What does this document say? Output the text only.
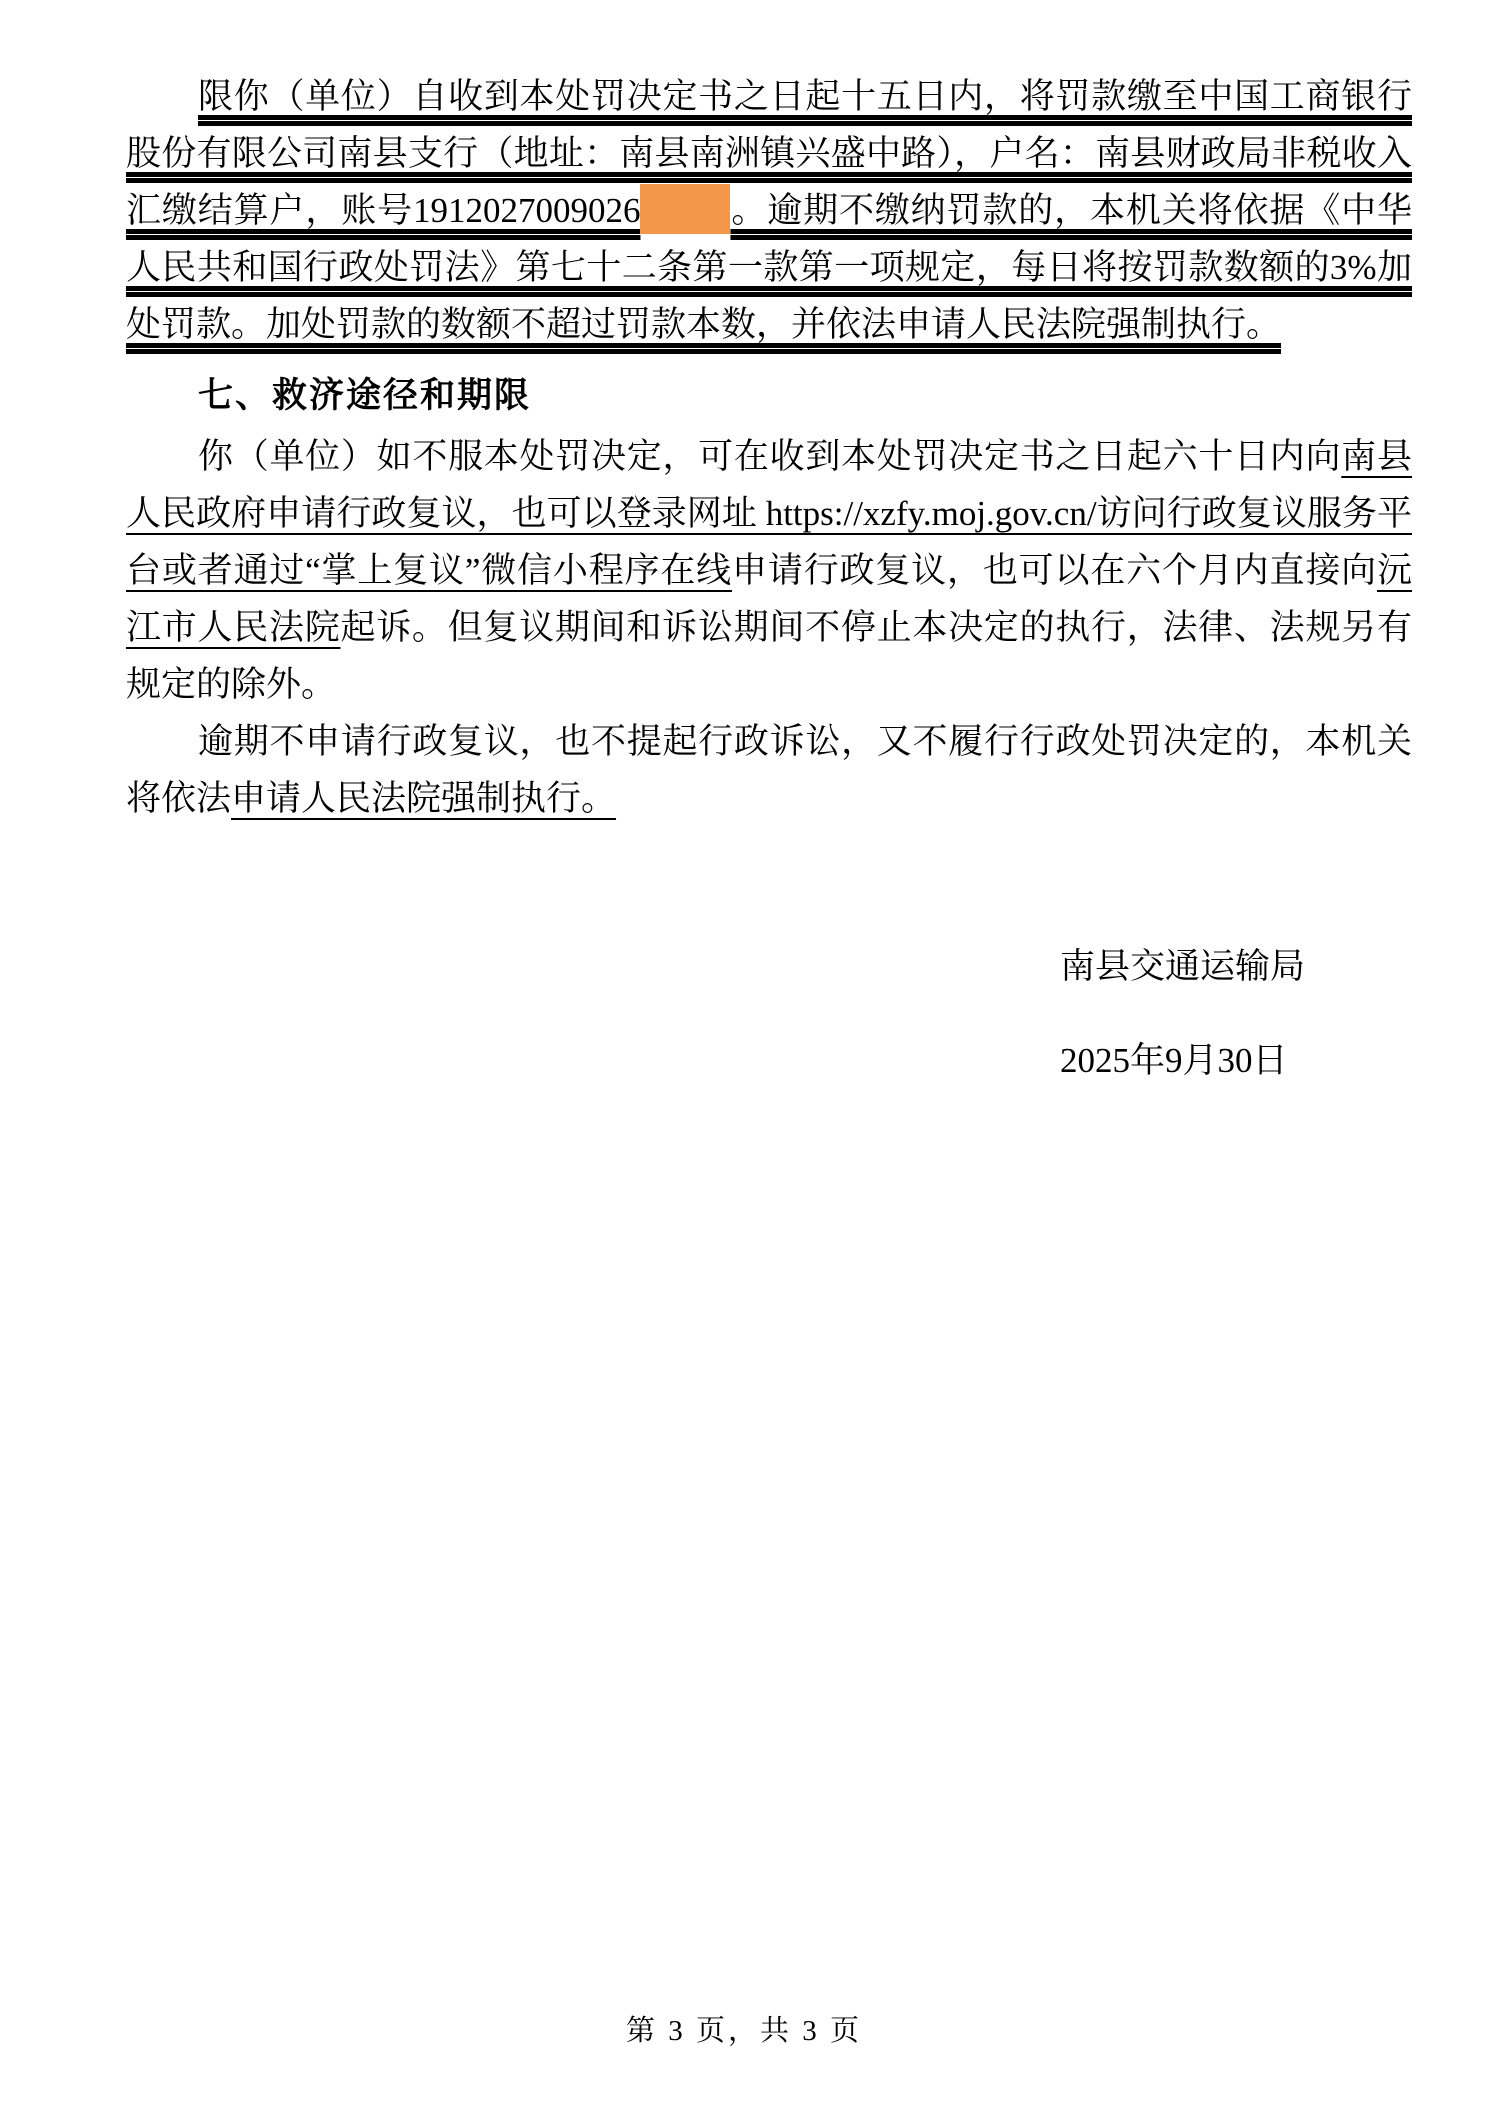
限你（单位）自收到本处罚决定书之日起十五日内，将罚款缴至中国工商银行股份有限公司南县支行（地址：南县南洲镇兴盛中路），户名：南县财政局非税收入汇缴结算户，账号1912027009026	。逾期不缴纳罚款的，本机关将依据《中华人民共和国行政处罚法》第七十二条第一款第一项规定，每日将按罚款数额的3%加处罚款。加处罚款的数额不超过罚款本数，并依法申请人民法院强制执行。

七、救济途径和期限

你（单位）如不服本处罚决定，可在收到本处罚决定书之日起六十日内向南县人民政府申请行政复议，也可以登录网址 https://xzfy.moj.gov.cn/访问行政复议服务平台或者通过“掌上复议”微信小程序在线申请行政复议，也可以在六个月内直接向沅江市人民法院起诉。但复议期间和诉讼期间不停止本决定的执行，法律、法规另有规定的除外。

逾期不申请行政复议，也不提起行政诉讼，又不履行行政处罚决定的，本机关将依法申请人民法院强制执行。

南县交通运输局
2025年9月30日
第 3 页，共 3 页
